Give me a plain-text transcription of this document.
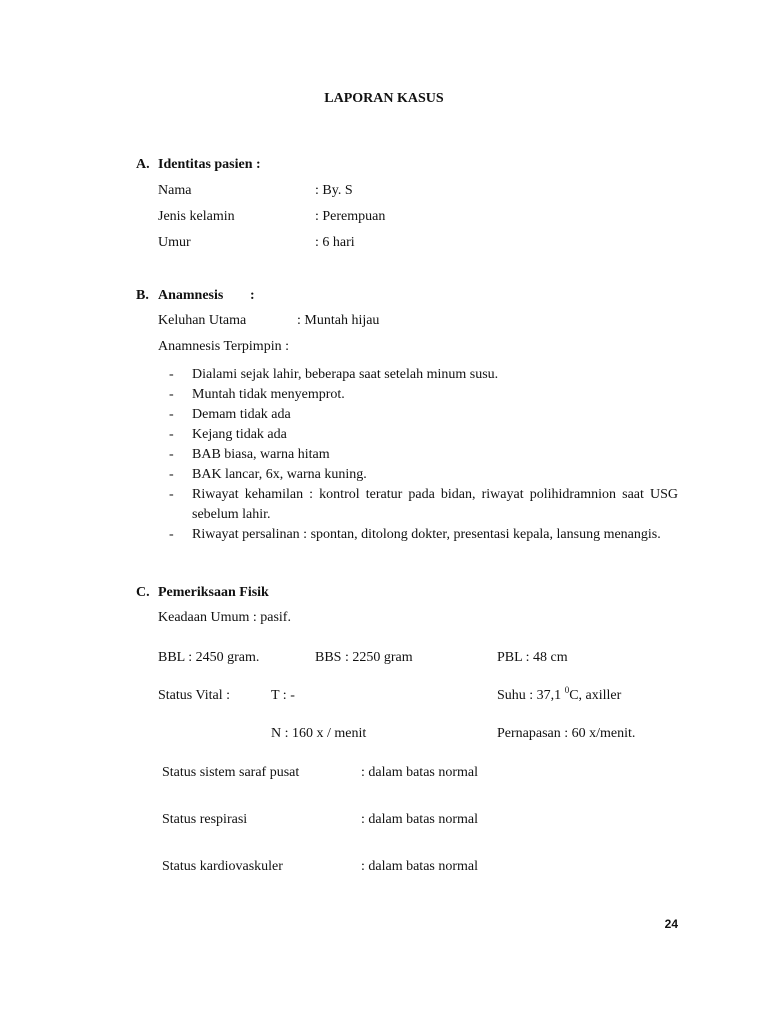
LAPORAN KASUS
A. Identitas pasien :
Nama	: By. S
Jenis kelamin	: Perempuan
Umur	: 6 hari
B. Anamnesis :
Keluhan Utama	: Muntah hijau
Anamnesis Terpimpin :
- Dialami sejak lahir, beberapa saat setelah minum susu.
- Muntah tidak menyemprot.
- Demam tidak ada
- Kejang tidak ada
- BAB biasa, warna hitam
- BAK lancar, 6x, warna kuning.
- Riwayat kehamilan : kontrol teratur pada bidan, riwayat polihidramnion saat USG sebelum lahir.
- Riwayat persalinan : spontan, ditolong dokter, presentasi kepala, lansung menangis.
C. Pemeriksaan Fisik
Keadaan Umum : pasif.
BBL : 2450 gram.	BBS : 2250 gram	PBL : 48 cm
Status Vital :	T : -	Suhu : 37,1 $^0$C, axiller
N : 160 x / menit	Pernapasan : 60 x/menit.
Status sistem saraf pusat	: dalam batas normal
Status respirasi	: dalam batas normal
Status kardiovaskuler	: dalam batas normal
24
